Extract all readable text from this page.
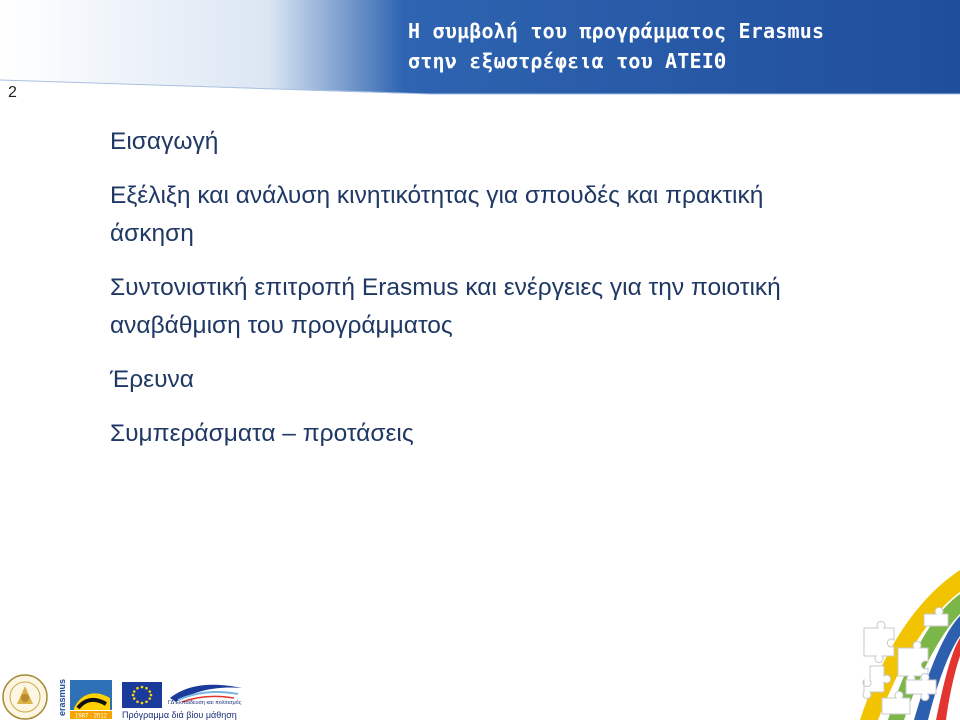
Η συμβολή του προγράμματος Erasmus
στην εξωστρέφεια του ΑΤΕΙΘ
2
Εισαγωγή
Εξέλιξη και ανάλυση κινητικότητας για σπουδές και πρακτική άσκηση
Συντονιστική επιτροπή Erasmus και ενέργειες για την ποιοτική αναβάθμιση του προγράμματος
Έρευνα
Συμπεράσματα – προτάσεις
1987 · 2012
erasmus	ΓΔ Εκπαίδευση και πολιτισμός
Πρόγραμμα διά βίου μάθηση
